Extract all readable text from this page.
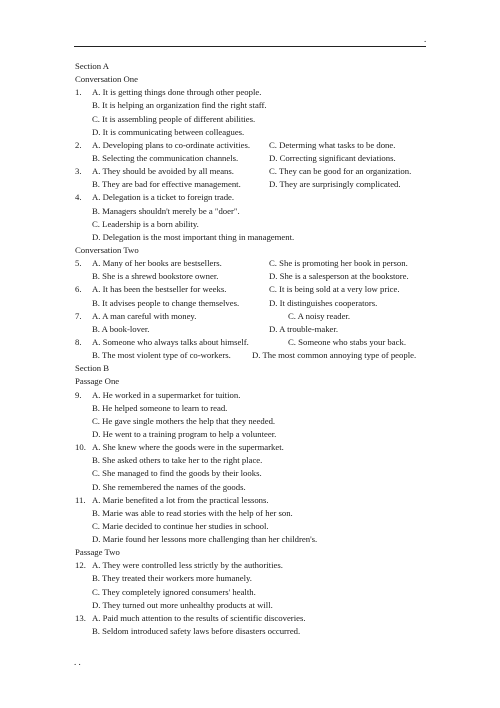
.
Section A
Conversation One
1. A. It is getting things done through other people.
B. It is helping an organization find the right staff.
C. It is assembling people of different abilities.
D. It is communicating between colleagues.
2. A. Developing plans to co-ordinate activities. C. Determing what tasks to be done.
B. Selecting the communication channels.	D. Correcting significant deviations.
3. A. They should be avoided by all means.	C. They can be good for an organization.
B. They are bad for effective management.	D. They are surprisingly complicated.
4. A. Delegation is a ticket to foreign trade.
B. Managers shouldn't merely be a "doer".
C. Leadership is a born ability.
D. Delegation is the most important thing in management.
Conversation Two
5. A. Many of her books are bestsellers.	C. She is promoting her book in person.
B. She is a shrewd bookstore owner.	D. She is a salesperson at the bookstore.
6. A. It has been the bestseller for weeks.	C. It is being sold at a very low price.
B. It advises people to change themselves.	D. It distinguishes cooperators.
7. A. A man careful with money.	C. A noisy reader.
B. A book-lover.	D. A trouble-maker.
8. A. Someone who always talks about himself.	C. Someone who stabs your back.
B. The most violent type of co-workers. D. The most common annoying type of people.
Section B
Passage One
9. A. He worked in a supermarket for tuition.
B. He helped someone to learn to read.
C. He gave single mothers the help that they needed.
D. He went to a training program to help a volunteer.
10. A. She knew where the goods were in the supermarket.
B. She asked others to take her to the right place.
C. She managed to find the goods by their looks.
D. She remembered the names of the goods.
11. A. Marie benefited a lot from the practical lessons.
B. Marie was able to read stories with the help of her son.
C. Marie decided to continue her studies in school.
D. Marie found her lessons more challenging than her children's.
Passage Two
12. A. They were controlled less strictly by the authorities.
B. They treated their workers more humanely.
C. They completely ignored consumers' health.
D. They turned out more unhealthy products at will.
13. A. Paid much attention to the results of scientific discoveries.
B. Seldom introduced safety laws before disasters occurred.
. .
